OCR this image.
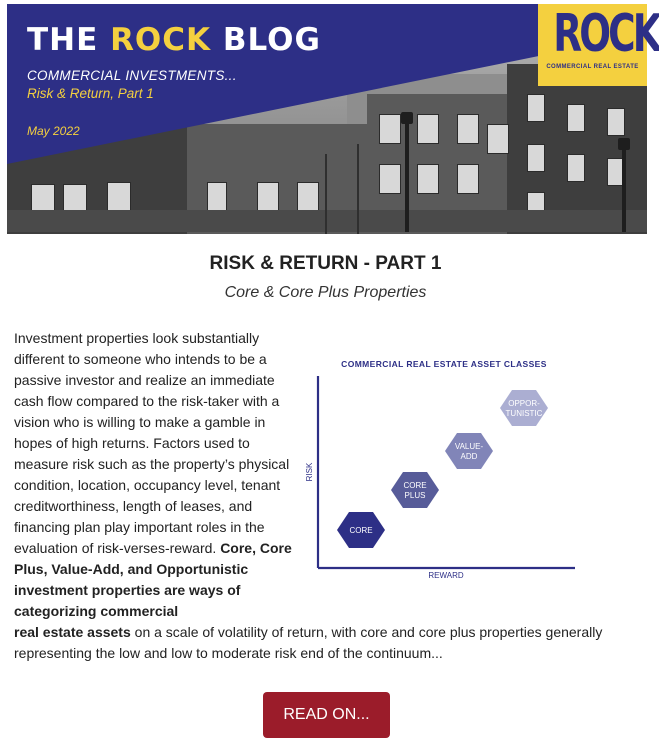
THE ROCK BLOG
COMMERCIAL INVESTMENTS...
Risk & Return, Part 1
May 2022
ROCK
COMMERCIAL REAL ESTATE
RISK & RETURN - PART 1
Core & Core Plus Properties
Investment properties look substantially different to someone who intends to be a passive investor and realize an immediate cash flow compared to the risk-taker with a vision who is willing to make a gamble in hopes of high returns. Factors used to measure risk such as the property’s physical condition, location, occupancy level, tenant creditworthiness, length of leases, and financing plan play important roles in the evaluation of risk-verses-reward. Core, Core Plus, Value-Add, and Opportunistic investment properties are ways of categorizing commercial
real estate assets on a scale of volatility of return, with core and core plus properties generally representing the low and low to moderate risk end of the continuum...
COMMERCIAL REAL ESTATE ASSET CLASSES
RISK
REWARD
CORE
CORE
PLUS
VALUE-
ADD
OPPOR-
TUNISTIC
READ ON...
